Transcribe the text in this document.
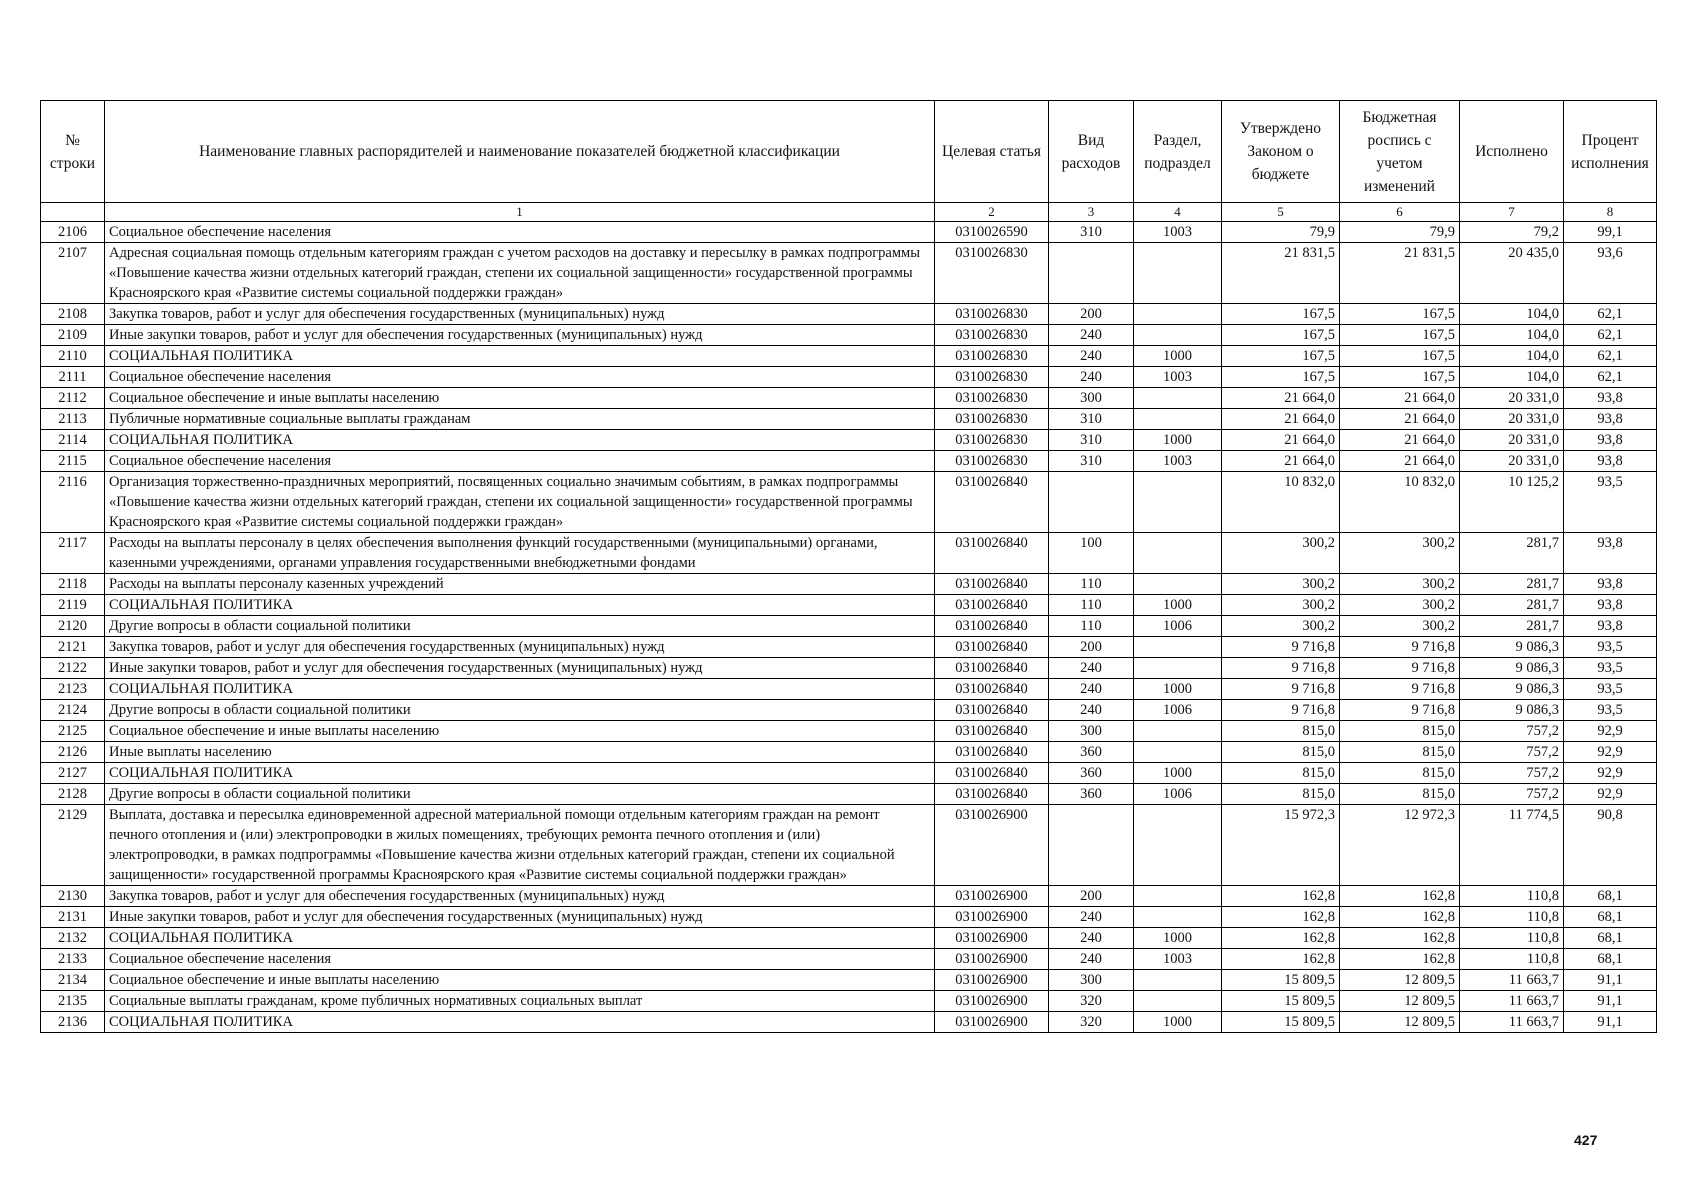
№ строки	Наименование главных распорядителей и наименование показателей бюджетной классификации	Целевая статья	Вид расходов	Раздел, подраздел	Утверждено Законом о бюджете	Бюджетная роспись с учетом изменений	Исполнено	Процент исполнения
	1	2	3	4	5	6	7	8
2106	Социальное обеспечение населения	0310026590	310	1003	79,9	79,9	79,2	99,1
2107	Адресная социальная помощь отдельным категориям граждан с учетом расходов на доставку и пересылку в рамках подпрограммы «Повышение качества жизни отдельных категорий граждан, степени их социальной защищенности» государственной программы Красноярского края «Развитие системы социальной поддержки граждан»	0310026830			21 831,5	21 831,5	20 435,0	93,6
2108	Закупка товаров, работ и услуг для обеспечения государственных (муниципальных) нужд	0310026830	200		167,5	167,5	104,0	62,1
2109	Иные закупки товаров, работ и услуг для обеспечения государственных (муниципальных) нужд	0310026830	240		167,5	167,5	104,0	62,1
2110	СОЦИАЛЬНАЯ ПОЛИТИКА	0310026830	240	1000	167,5	167,5	104,0	62,1
2111	Социальное обеспечение населения	0310026830	240	1003	167,5	167,5	104,0	62,1
2112	Социальное обеспечение и иные выплаты населению	0310026830	300		21 664,0	21 664,0	20 331,0	93,8
2113	Публичные нормативные социальные выплаты гражданам	0310026830	310		21 664,0	21 664,0	20 331,0	93,8
2114	СОЦИАЛЬНАЯ ПОЛИТИКА	0310026830	310	1000	21 664,0	21 664,0	20 331,0	93,8
2115	Социальное обеспечение населения	0310026830	310	1003	21 664,0	21 664,0	20 331,0	93,8
2116	Организация торжественно-праздничных мероприятий, посвященных социально значимым событиям, в рамках подпрограммы «Повышение качества жизни отдельных категорий граждан, степени их социальной защищенности» государственной программы Красноярского края «Развитие системы социальной поддержки граждан»	0310026840			10 832,0	10 832,0	10 125,2	93,5
2117	Расходы на выплаты персоналу в целях обеспечения выполнения функций государственными (муниципальными) органами, казенными учреждениями, органами управления государственными внебюджетными фондами	0310026840	100		300,2	300,2	281,7	93,8
2118	Расходы на выплаты персоналу казенных учреждений	0310026840	110		300,2	300,2	281,7	93,8
2119	СОЦИАЛЬНАЯ ПОЛИТИКА	0310026840	110	1000	300,2	300,2	281,7	93,8
2120	Другие вопросы в области социальной политики	0310026840	110	1006	300,2	300,2	281,7	93,8
2121	Закупка товаров, работ и услуг для обеспечения государственных (муниципальных) нужд	0310026840	200		9 716,8	9 716,8	9 086,3	93,5
2122	Иные закупки товаров, работ и услуг для обеспечения государственных (муниципальных) нужд	0310026840	240		9 716,8	9 716,8	9 086,3	93,5
2123	СОЦИАЛЬНАЯ ПОЛИТИКА	0310026840	240	1000	9 716,8	9 716,8	9 086,3	93,5
2124	Другие вопросы в области социальной политики	0310026840	240	1006	9 716,8	9 716,8	9 086,3	93,5
2125	Социальное обеспечение и иные выплаты населению	0310026840	300		815,0	815,0	757,2	92,9
2126	Иные выплаты населению	0310026840	360		815,0	815,0	757,2	92,9
2127	СОЦИАЛЬНАЯ ПОЛИТИКА	0310026840	360	1000	815,0	815,0	757,2	92,9
2128	Другие вопросы в области социальной политики	0310026840	360	1006	815,0	815,0	757,2	92,9
2129	Выплата, доставка и пересылка единовременной адресной материальной помощи отдельным категориям граждан на ремонт печного отопления и (или) электропроводки в жилых помещениях, требующих ремонта печного отопления и (или) электропроводки, в рамках подпрограммы «Повышение качества жизни отдельных категорий граждан, степени их социальной защищенности» государственной программы Красноярского края «Развитие системы социальной поддержки граждан»	0310026900			15 972,3	12 972,3	11 774,5	90,8
2130	Закупка товаров, работ и услуг для обеспечения государственных (муниципальных) нужд	0310026900	200		162,8	162,8	110,8	68,1
2131	Иные закупки товаров, работ и услуг для обеспечения государственных (муниципальных) нужд	0310026900	240		162,8	162,8	110,8	68,1
2132	СОЦИАЛЬНАЯ ПОЛИТИКА	0310026900	240	1000	162,8	162,8	110,8	68,1
2133	Социальное обеспечение населения	0310026900	240	1003	162,8	162,8	110,8	68,1
2134	Социальное обеспечение и иные выплаты населению	0310026900	300		15 809,5	12 809,5	11 663,7	91,1
2135	Социальные выплаты гражданам, кроме публичных нормативных социальных выплат	0310026900	320		15 809,5	12 809,5	11 663,7	91,1
2136	СОЦИАЛЬНАЯ ПОЛИТИКА	0310026900	320	1000	15 809,5	12 809,5	11 663,7	91,1
427
